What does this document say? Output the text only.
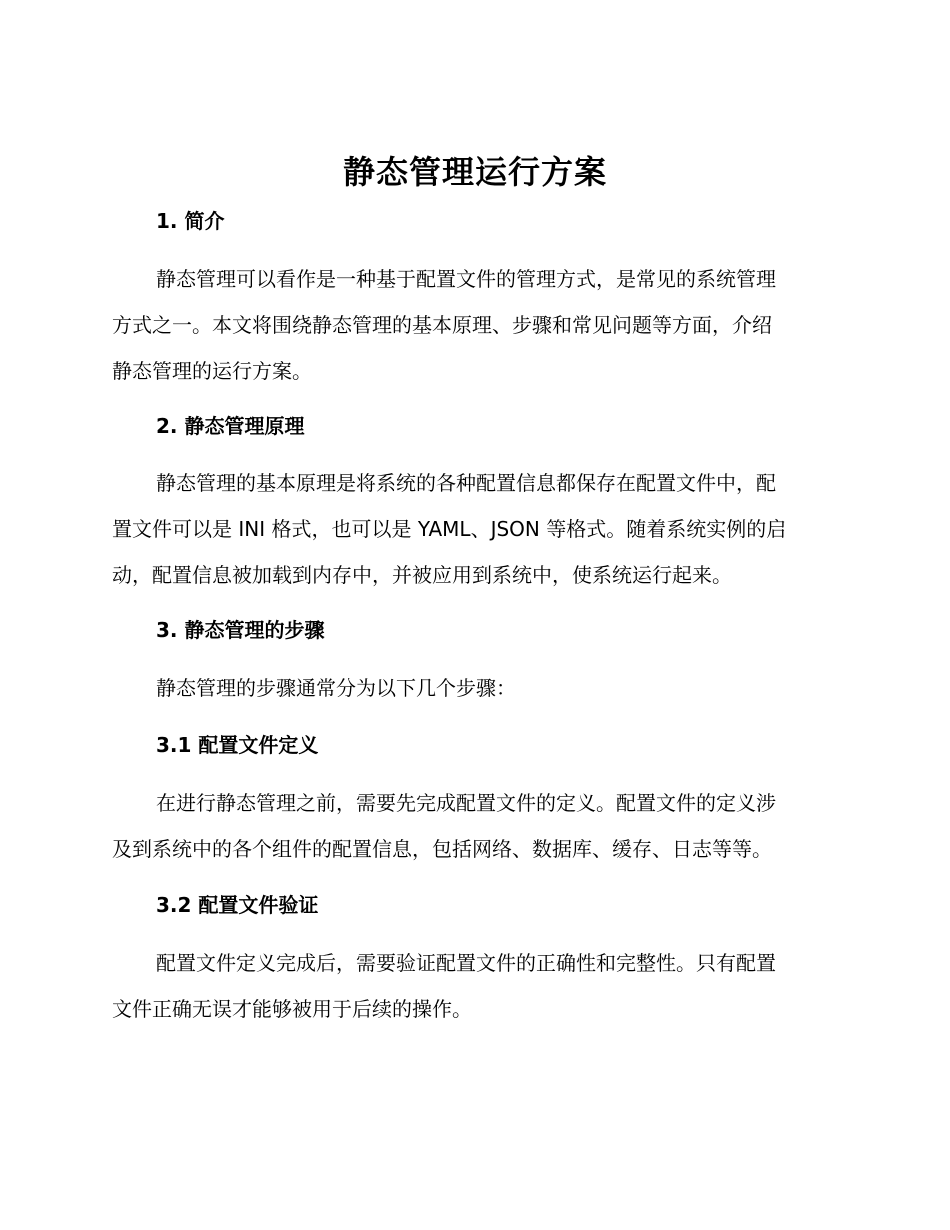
静态管理运行方案
1. 简介
静态管理可以看作是一种基于配置文件的管理方式，是常见的系统管理
方式之一。本文将围绕静态管理的基本原理、步骤和常见问题等方面，介绍
静态管理的运行方案。
2. 静态管理原理
静态管理的基本原理是将系统的各种配置信息都保存在配置文件中，配
置文件可以是 INI 格式，也可以是 YAML、JSON 等格式。随着系统实例的启
动，配置信息被加载到内存中，并被应用到系统中，使系统运行起来。
3. 静态管理的步骤
静态管理的步骤通常分为以下几个步骤：
3.1 配置文件定义
在进行静态管理之前，需要先完成配置文件的定义。配置文件的定义涉
及到系统中的各个组件的配置信息，包括网络、数据库、缓存、日志等等。
3.2 配置文件验证
配置文件定义完成后，需要验证配置文件的正确性和完整性。只有配置
文件正确无误才能够被用于后续的操作。
